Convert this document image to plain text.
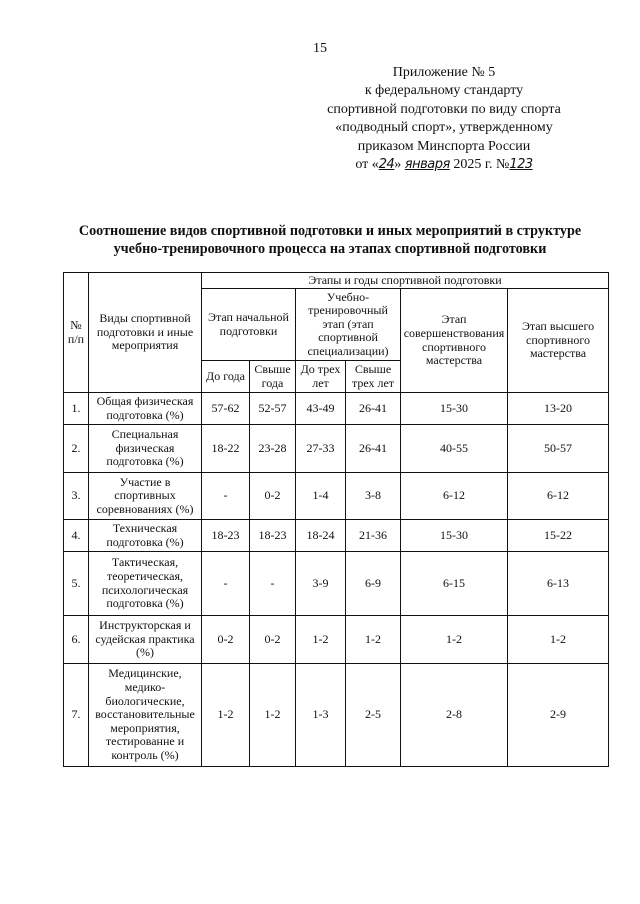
15
Приложение № 5
к федеральному стандарту
спортивной подготовки по виду спорта
«подводный спорт», утвержденному
приказом Минспорта России
от «24» января 2025 г. №123
Соотношение видов спортивной подготовки и иных мероприятий в структуре
учебно-тренировочного процесса на этапах спортивной подготовки
№ п/п	Виды спортивной подготовки и иные мероприятия	Этапы и годы спортивной подготовки					
		Этап начальной подготовки		Учебно-тренировочный этап (этап спортивной специализации)		Этап совершенствования спортивного мастерства	Этап высшего спортивного мастерства
		До года	Свыше года	До трех лет	Свыше трех лет		
1.	Общая физическая подготовка (%)	57-62	52-57	43-49	26-41	15-30	13-20
2.	Специальная физическая подготовка (%)	18-22	23-28	27-33	26-41	40-55	50-57
3.	Участие в спортивных соревнованиях (%)	-	0-2	1-4	3-8	6-12	6-12
4.	Техническая подготовка (%)	18-23	18-23	18-24	21-36	15-30	15-22
5.	Тактическая, теоретическая, психологическая подготовка (%)	-	-	3-9	6-9	6-15	6-13
6.	Инструкторская и судейская практика (%)	0-2	0-2	1-2	1-2	1-2	1-2
7.	Медицинские, медико-биологические, восстановительные мероприятия, тестированне и контроль (%)	1-2	1-2	1-3	2-5	2-8	2-9
